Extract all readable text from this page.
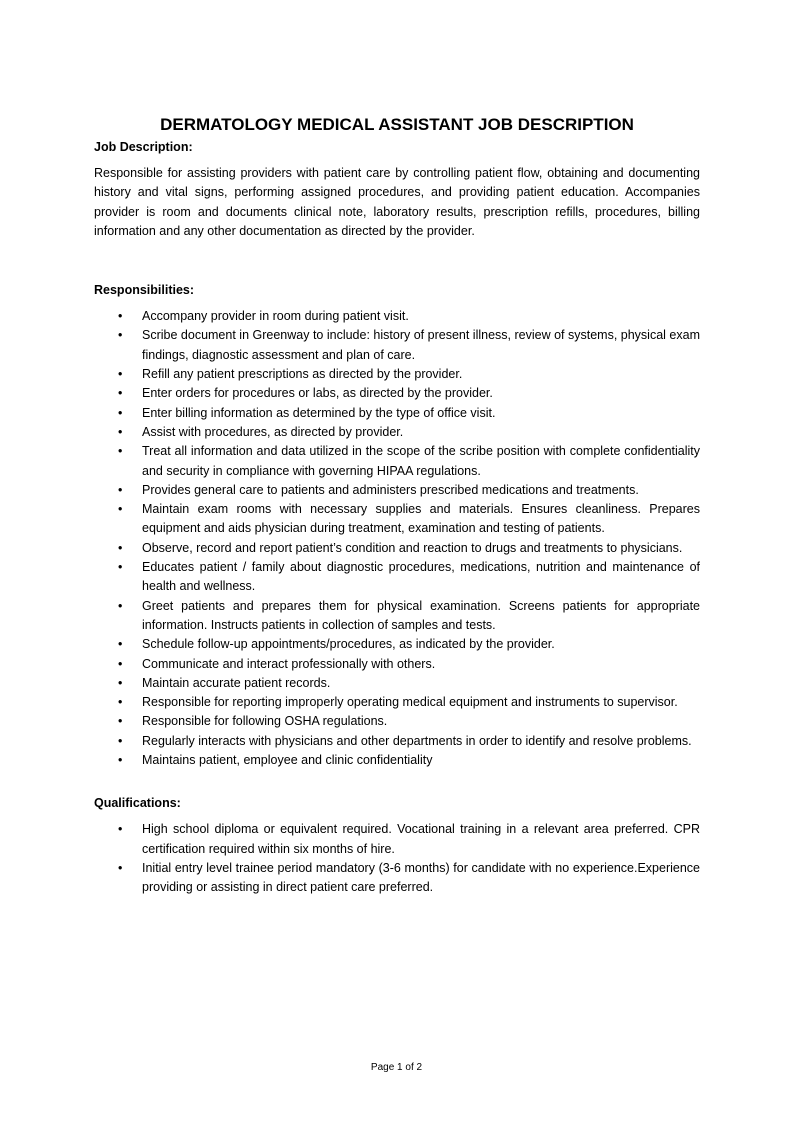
DERMATOLOGY MEDICAL ASSISTANT JOB DESCRIPTION
Job Description:

Responsible for assisting providers with patient care by controlling patient flow, obtaining and documenting history and vital signs, performing assigned procedures, and providing patient education. Accompanies provider is room and documents clinical note, laboratory results, prescription refills, procedures, billing information and any other documentation as directed by the provider.

Responsibilities:
• Accompany provider in room during patient visit.
• Scribe document in Greenway to include: history of present illness, review of systems, physical exam findings, diagnostic assessment and plan of care.
• Refill any patient prescriptions as directed by the provider.
• Enter orders for procedures or labs, as directed by the provider.
• Enter billing information as determined by the type of office visit.
• Assist with procedures, as directed by provider.
• Treat all information and data utilized in the scope of the scribe position with complete confidentiality and security in compliance with governing HIPAA regulations.
• Provides general care to patients and administers prescribed medications and treatments.
• Maintain exam rooms with necessary supplies and materials. Ensures cleanliness. Prepares equipment and aids physician during treatment, examination and testing of patients.
• Observe, record and report patient’s condition and reaction to drugs and treatments to physicians.
• Educates patient / family about diagnostic procedures, medications, nutrition and maintenance of health and wellness.
• Greet patients and prepares them for physical examination. Screens patients for appropriate information. Instructs patients in collection of samples and tests.
• Schedule follow-up appointments/procedures, as indicated by the provider.
• Communicate and interact professionally with others.
• Maintain accurate patient records.
• Responsible for reporting improperly operating medical equipment and instruments to supervisor.
• Responsible for following OSHA regulations.
• Regularly interacts with physicians and other departments in order to identify and resolve problems.
• Maintains patient, employee and clinic confidentiality
Qualifications:
• High school diploma or equivalent required. Vocational training in a relevant area preferred. CPR certification required within six months of hire.
• Initial entry level trainee period mandatory (3-6 months) for candidate with no experience.Experience providing or assisting in direct patient care preferred.
Page 1 of 2
